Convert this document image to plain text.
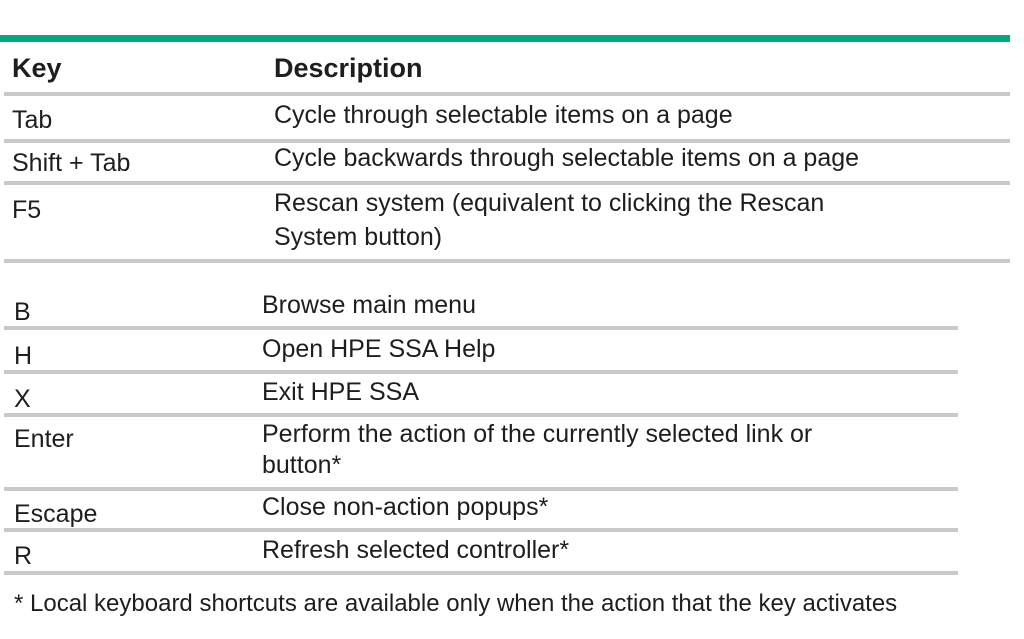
Key	Description
Tab	Cycle through selectable items on a page
Shift + Tab	Cycle backwards through selectable items on a page
F5	Rescan system (equivalent to clicking the Rescan
System button)
B	Browse main menu
H	Open HPE SSA Help
X	Exit HPE SSA
Enter	Perform the action of the currently selected link or
button*
Escape	Close non-action popups*
R	Refresh selected controller*
* Local keyboard shortcuts are available only when the action that the key activates
